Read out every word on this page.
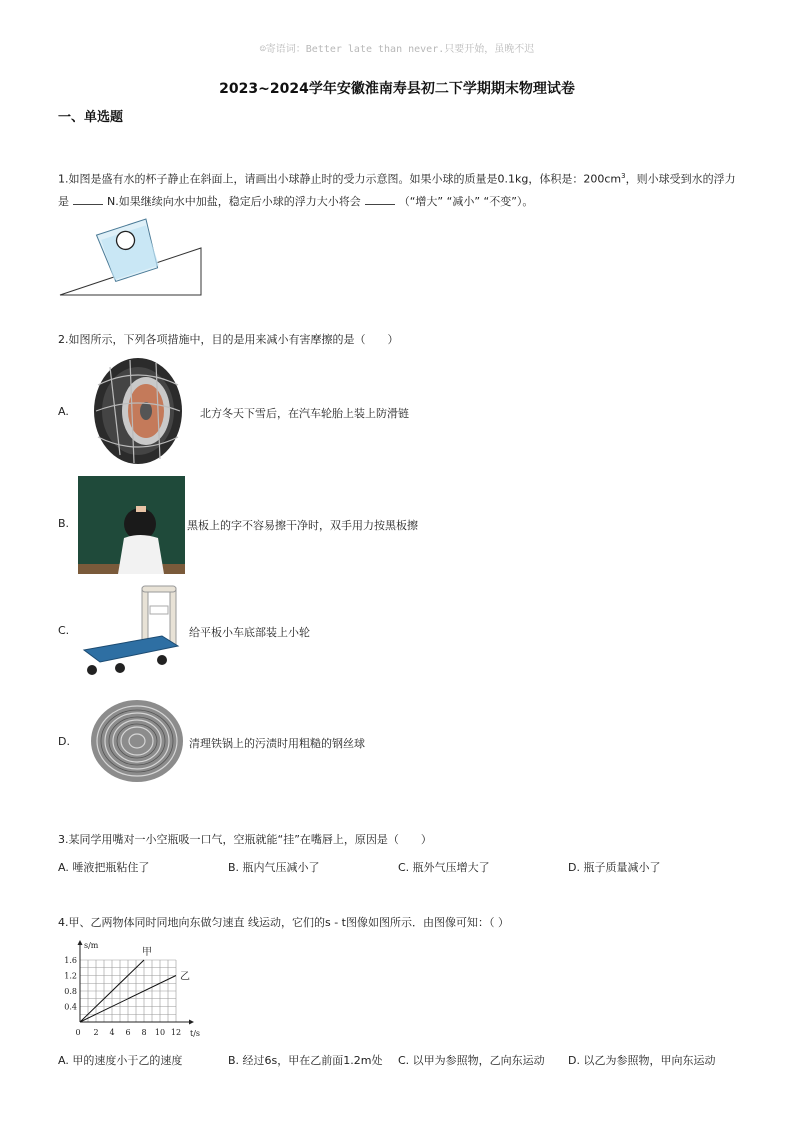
☺寄语词：Better late than never.只要开始，虽晚不迟
2023~2024学年安徽淮南寿县初二下学期期末物理试卷
一、单选题
1.如图是盛有水的杯子静止在斜面上，请画出小球静止时的受力示意图。如果小球的质量是0.1kg，体积是：$200cm^3$，则小球受到水的浮力
是	N.如果继续向水中加盐，稳定后小球的浮力大小将会	（“增大” “减小” “不变”）。
2.如图所示，下列各项措施中，目的是用来减小有害摩擦的是（　　）
A.	北方冬天下雪后，在汽车轮胎上装上防滑链
B.	黑板上的字不容易擦干净时，双手用力按黑板擦
C.	给平板小车底部装上小轮
D.	清理铁锅上的污渍时用粗糙的钢丝球
3.某同学用嘴对一小空瓶吸一口气，空瓶就能“挂”在嘴唇上，原因是（　　）
A. 唾液把瓶粘住了	B. 瓶内气压减小了	C. 瓶外气压增大了	D. 瓶子质量减小了
4.甲、乙两物体同时同地向东做匀速直 线运动，它们的s - t图像如图所示．由图像可知：（ ）
s/m
t/s
0 2 4 6 8 10 12
0.4
0.8
1.2
1.6
甲
乙
A. 甲的速度小于乙的速度	B. 经过6s，甲在乙前面1.2m处 C. 以甲为参照物，乙向东运动 D. 以乙为参照物，甲向东运动
